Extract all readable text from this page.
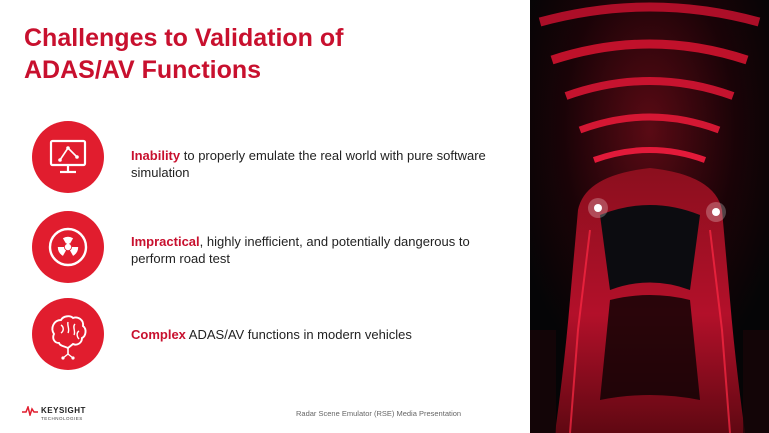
Challenges to Validation of
ADAS/AV Functions
Inability to properly emulate the real world with pure software simulation
Impractical, highly inefficient, and potentially dangerous to perform road test
Complex ADAS/AV functions in modern vehicles
KEYSIGHT
TECHNOLOGIES
Radar Scene Emulator (RSE) Media Presentation
